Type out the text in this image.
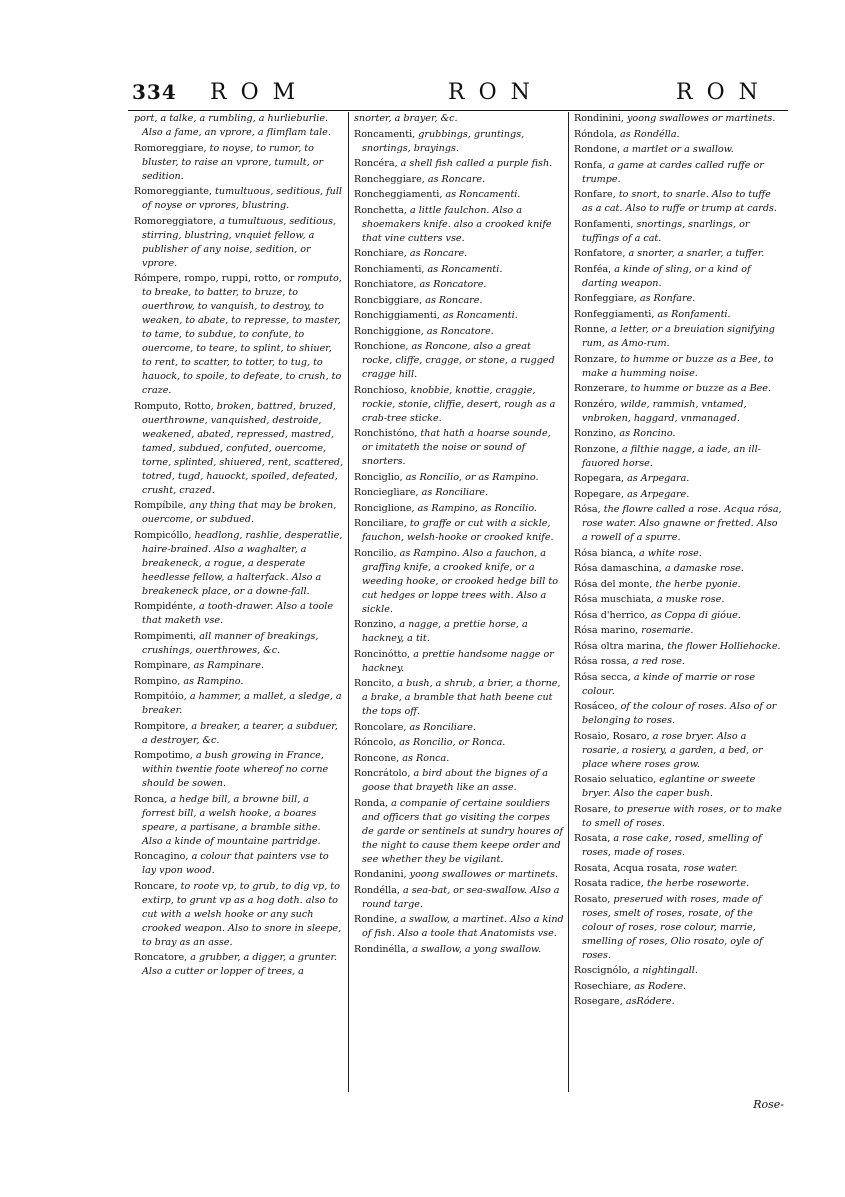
334 ROM	RON	RON
port, a talke, a rumbling, a hurlieburlie. Also a fame, an vprore, a flimflam tale.
Romoreggiare, to noyse, to rumor, to bluster, to raise an vprore, tumult, or sedition.
Romoreggiante, tumultuous, seditious, full of noyse or vprores, blustring.
Romoreggiatore, a tumultuous, seditious, stirring, blustring, vnquiet fellow, a publisher of any noise, sedition, or vprore.
Rómpere, rompo, ruppi, rotto, or romputo, to breake, to batter, to bruze, to ouerthrow, to vanquish, to destroy, to weaken, to abate, to represse, to master, to tame, to subdue, to confute, to ouercome, to teare, to splint, to shiuer, to rent, to scatter, to totter, to tug, to hauock, to spoile, to defeate, to crush, to craze.
Romputo, Rotto, broken, battred, bruzed, ouerthrowne, vanquished, destroide, weakened, abated, repressed, mastred, tamed, subdued, confuted, ouercome, torne, splinted, shiuered, rent, scattered, totred, tugd, hauockt, spoiled, defeated, crusht, crazed.
Rompíbile, any thing that may be broken, ouercome, or subdued.
Rompicóllo, headlong, rashlie, desperatlie, haire-brained. Also a waghalter, a breakeneck, a rogue, a desperate heedlesse fellow, a halterfack. Also a breakeneck place, or a downe-fall.
Rompidénte, a tooth-drawer. Also a toole that maketh vse.
Rompimenti, all manner of breakings, crushings, ouerthrowes, &c.
Rompinare, as Rampinare.
Rompino, as Rampino.
Rompitóio, a hammer, a mallet, a sledge, a breaker.
Rompitore, a breaker, a tearer, a subduer, a destroyer, &c.
Rompotimo, a bush growing in France, within twentie foote whereof no corne should be sowen.
Ronca, a hedge bill, a browne bill, a forrest bill, a welsh hooke, a boares speare, a partisane, a bramble sithe. Also a kinde of mountaine partridge.
Roncagino, a colour that painters vse to lay vpon wood.
Roncare, to roote vp, to grub, to dig vp, to extirp, to grunt vp as a hog doth. also to cut with a welsh hooke or any such crooked weapon. Also to snore in sleepe, to bray as an asse.
Roncatore, a grubber, a digger, a grunter. Also a cutter or lopper of trees, a
snorter, a brayer, &c.
Roncamenti, grubbings, gruntings, snortings, brayings.
Roncéra, a shell fish called a purple fish.
Roncheggiare, as Roncare.
Roncheggiamenti, as Roncamenti.
Ronchetta, a little faulchon. Also a shoemakers knife. also a crooked knife that vine cutters vse.
Ronchiare, as Roncare.
Ronchiamenti, as Roncamenti.
Ronchiatore, as Roncatore.
Roncbiggiare, as Roncare.
Ronchiggiamenti, as Roncamenti.
Ronchiggione, as Roncatore.
Ronchione, as Roncone, also a great rocke, cliffe, cragge, or stone, a rugged cragge hill.
Ronchioso, knobbie, knottie, craggie, rockie, stonie, cliffie, desert, rough as a crab-tree sticke.
Ronchistóno, that hath a hoarse sounde, or imitateth the noise or sound of snorters.
Ronciglio, as Roncilio, or as Rampino.
Ronciegliare, as Ronciliare.
Ronciglione, as Rampino, as Roncilio.
Ronciliare, to graffe or cut with a sickle, fauchon, welsh-hooke or crooked knife.
Roncilio, as Rampino. Also a fauchon, a graffing knife, a crooked knife, or a weeding hooke, or crooked hedge bill to cut hedges or loppe trees with. Also a sickle.
Ronzino, a nagge, a prettie horse, a hackney, a tit.
Roncinótto, a prettie handsome nagge or hackney.
Roncito, a bush, a shrub, a brier, a thorne, a brake, a bramble that hath beene cut the tops off.
Roncolare, as Ronciliare.
Róncolo, as Roncilio, or Ronca.
Roncone, as Ronca.
Roncrátolo, a bird about the bignes of a goose that brayeth like an asse.
Ronda, a companie of certaine souldiers and officers that go visiting the corpes de garde or sentinels at sundry houres of the night to cause them keepe order and see whether they be vigilant.
Rondanini, yoong swallowes or martinets.
Rondélla, a sea-bat, or sea-swallow. Also a round targe.
Rondine, a swallow, a martinet. Also a kind of fish. Also a toole that Anatomists vse.
Rondinélla, a swallow, a yong swallow.
Rondinini, yoong swallowes or martinets.
Róndola, as Rondélla.
Rondone, a martlet or a swallow.
Ronfa, a game at cardes called ruffe or trumpe.
Ronfare, to snort, to snarle. Also to tuffe as a cat. Also to ruffe or trump at cards.
Ronfamenti, snortings, snarlings, or tuffings of a cat.
Ronfatore, a snorter, a snarler, a tuffer.
Ronféa, a kinde of sling, or a kind of darting weapon.
Ronfeggiare, as Ronfare.
Ronfeggiamenti, as Ronfamenti.
Ronne, a letter, or a breuiation signifying rum, as Amo-rum.
Ronzare, to humme or buzze as a Bee, to make a humming noise.
Ronzerare, to humme or buzze as a Bee.
Ronzéro, wilde, rammish, vntamed, vnbroken, haggard, vnmanaged.
Ronzino, as Roncino.
Ronzone, a filthie nagge, a iade, an ill-fauored horse.
Ropegara, as Arpegara.
Ropegare, as Arpegare.
Rósa, the flowre called a rose. Acqua rósa, rose water. Also gnawne or fretted. Also a rowell of a spurre.
Rósa bianca, a white rose.
Rósa damaschina, a damaske rose.
Rósa del monte, the herbe pyonie.
Rósa muschiata, a muske rose.
Rósa d'herrico, as Coppa di gióue.
Rósa marino, rosemarie.
Rósa oltra marina, the flower Holliehocke.
Rósa rossa, a red rose.
Rósa secca, a kinde of marrie or rose colour.
Rosáceo, of the colour of roses. Also of or belonging to roses.
Rosaio, Rosaro, a rose bryer. Also a rosarie, a rosiery, a garden, a bed, or place where roses grow.
Rosaio seluatico, eglantine or sweete bryer. Also the caper bush.
Rosare, to preserue with roses, or to make to smell of roses.
Rosata, a rose cake, rosed, smelling of roses, made of roses.
Rosata, Acqua rosata, rose water.
Rosata radice, the herbe roseworte.
Rosato, preserued with roses, made of roses, smelt of roses, rosate, of the colour of roses, rose colour, marrie, smelling of roses, Olio rosato, oyle of roses.
Roscignólo, a nightingall.
Rosechiare, as Rodere.
Rosegare, asRódere.
Rose-
